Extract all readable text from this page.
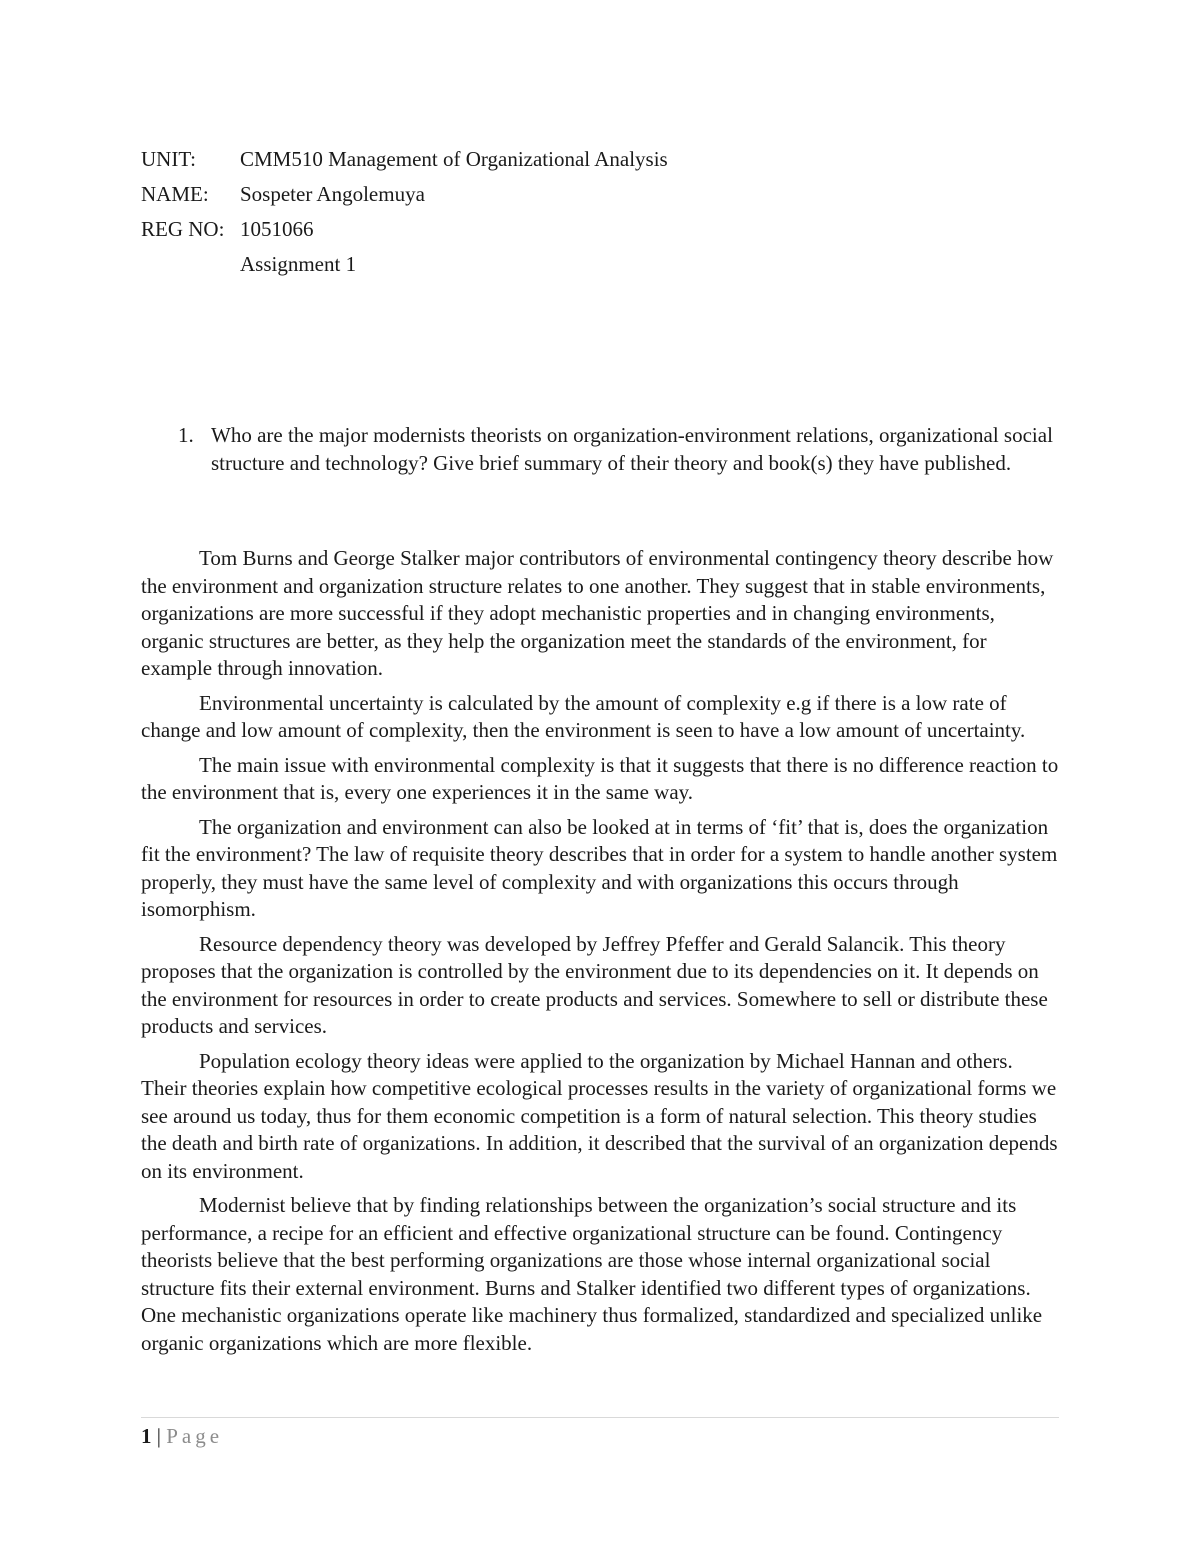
UNIT:	CMM510 Management of Organizational Analysis
NAME:	Sospeter Angolemuya
REG NO: 1051066
Assignment 1
1. Who are the major modernists theorists on organization-environment relations, organizational social structure and technology? Give brief summary of their theory and book(s) they have published.

Tom Burns and George Stalker major contributors of environmental contingency theory describe how the environment and organization structure relates to one another. They suggest that in stable environments, organizations are more successful if they adopt mechanistic properties and in changing environments, organic structures are better, as they help the organization meet the standards of the environment, for example through innovation.

Environmental uncertainty is calculated by the amount of complexity e.g if there is a low rate of change and low amount of complexity, then the environment is seen to have a low amount of uncertainty.

The main issue with environmental complexity is that it suggests that there is no difference reaction to the environment that is, every one experiences it in the same way.

The organization and environment can also be looked at in terms of ‘fit’ that is, does the organization fit the environment? The law of requisite theory describes that in order for a system to handle another system properly, they must have the same level of complexity and with organizations this occurs through isomorphism.

Resource dependency theory was developed by Jeffrey Pfeffer and Gerald Salancik. This theory proposes that the organization is controlled by the environment due to its dependencies on it. It depends on the environment for resources in order to create products and services. Somewhere to sell or distribute these products and services.

Population ecology theory ideas were applied to the organization by Michael Hannan and others. Their theories explain how competitive ecological processes results in the variety of organizational forms we see around us today, thus for them economic competition is a form of natural selection. This theory studies the death and birth rate of organizations. In addition, it described that the survival of an organization depends on its environment.

Modernist believe that by finding relationships between the organization’s social structure and its performance, a recipe for an efficient and effective organizational structure can be found. Contingency theorists believe that the best performing organizations are those whose internal organizational social structure fits their external environment. Burns and Stalker identified two different types of organizations. One mechanistic organizations operate like machinery thus formalized, standardized and specialized unlike organic organizations which are more flexible.

1 | Page
